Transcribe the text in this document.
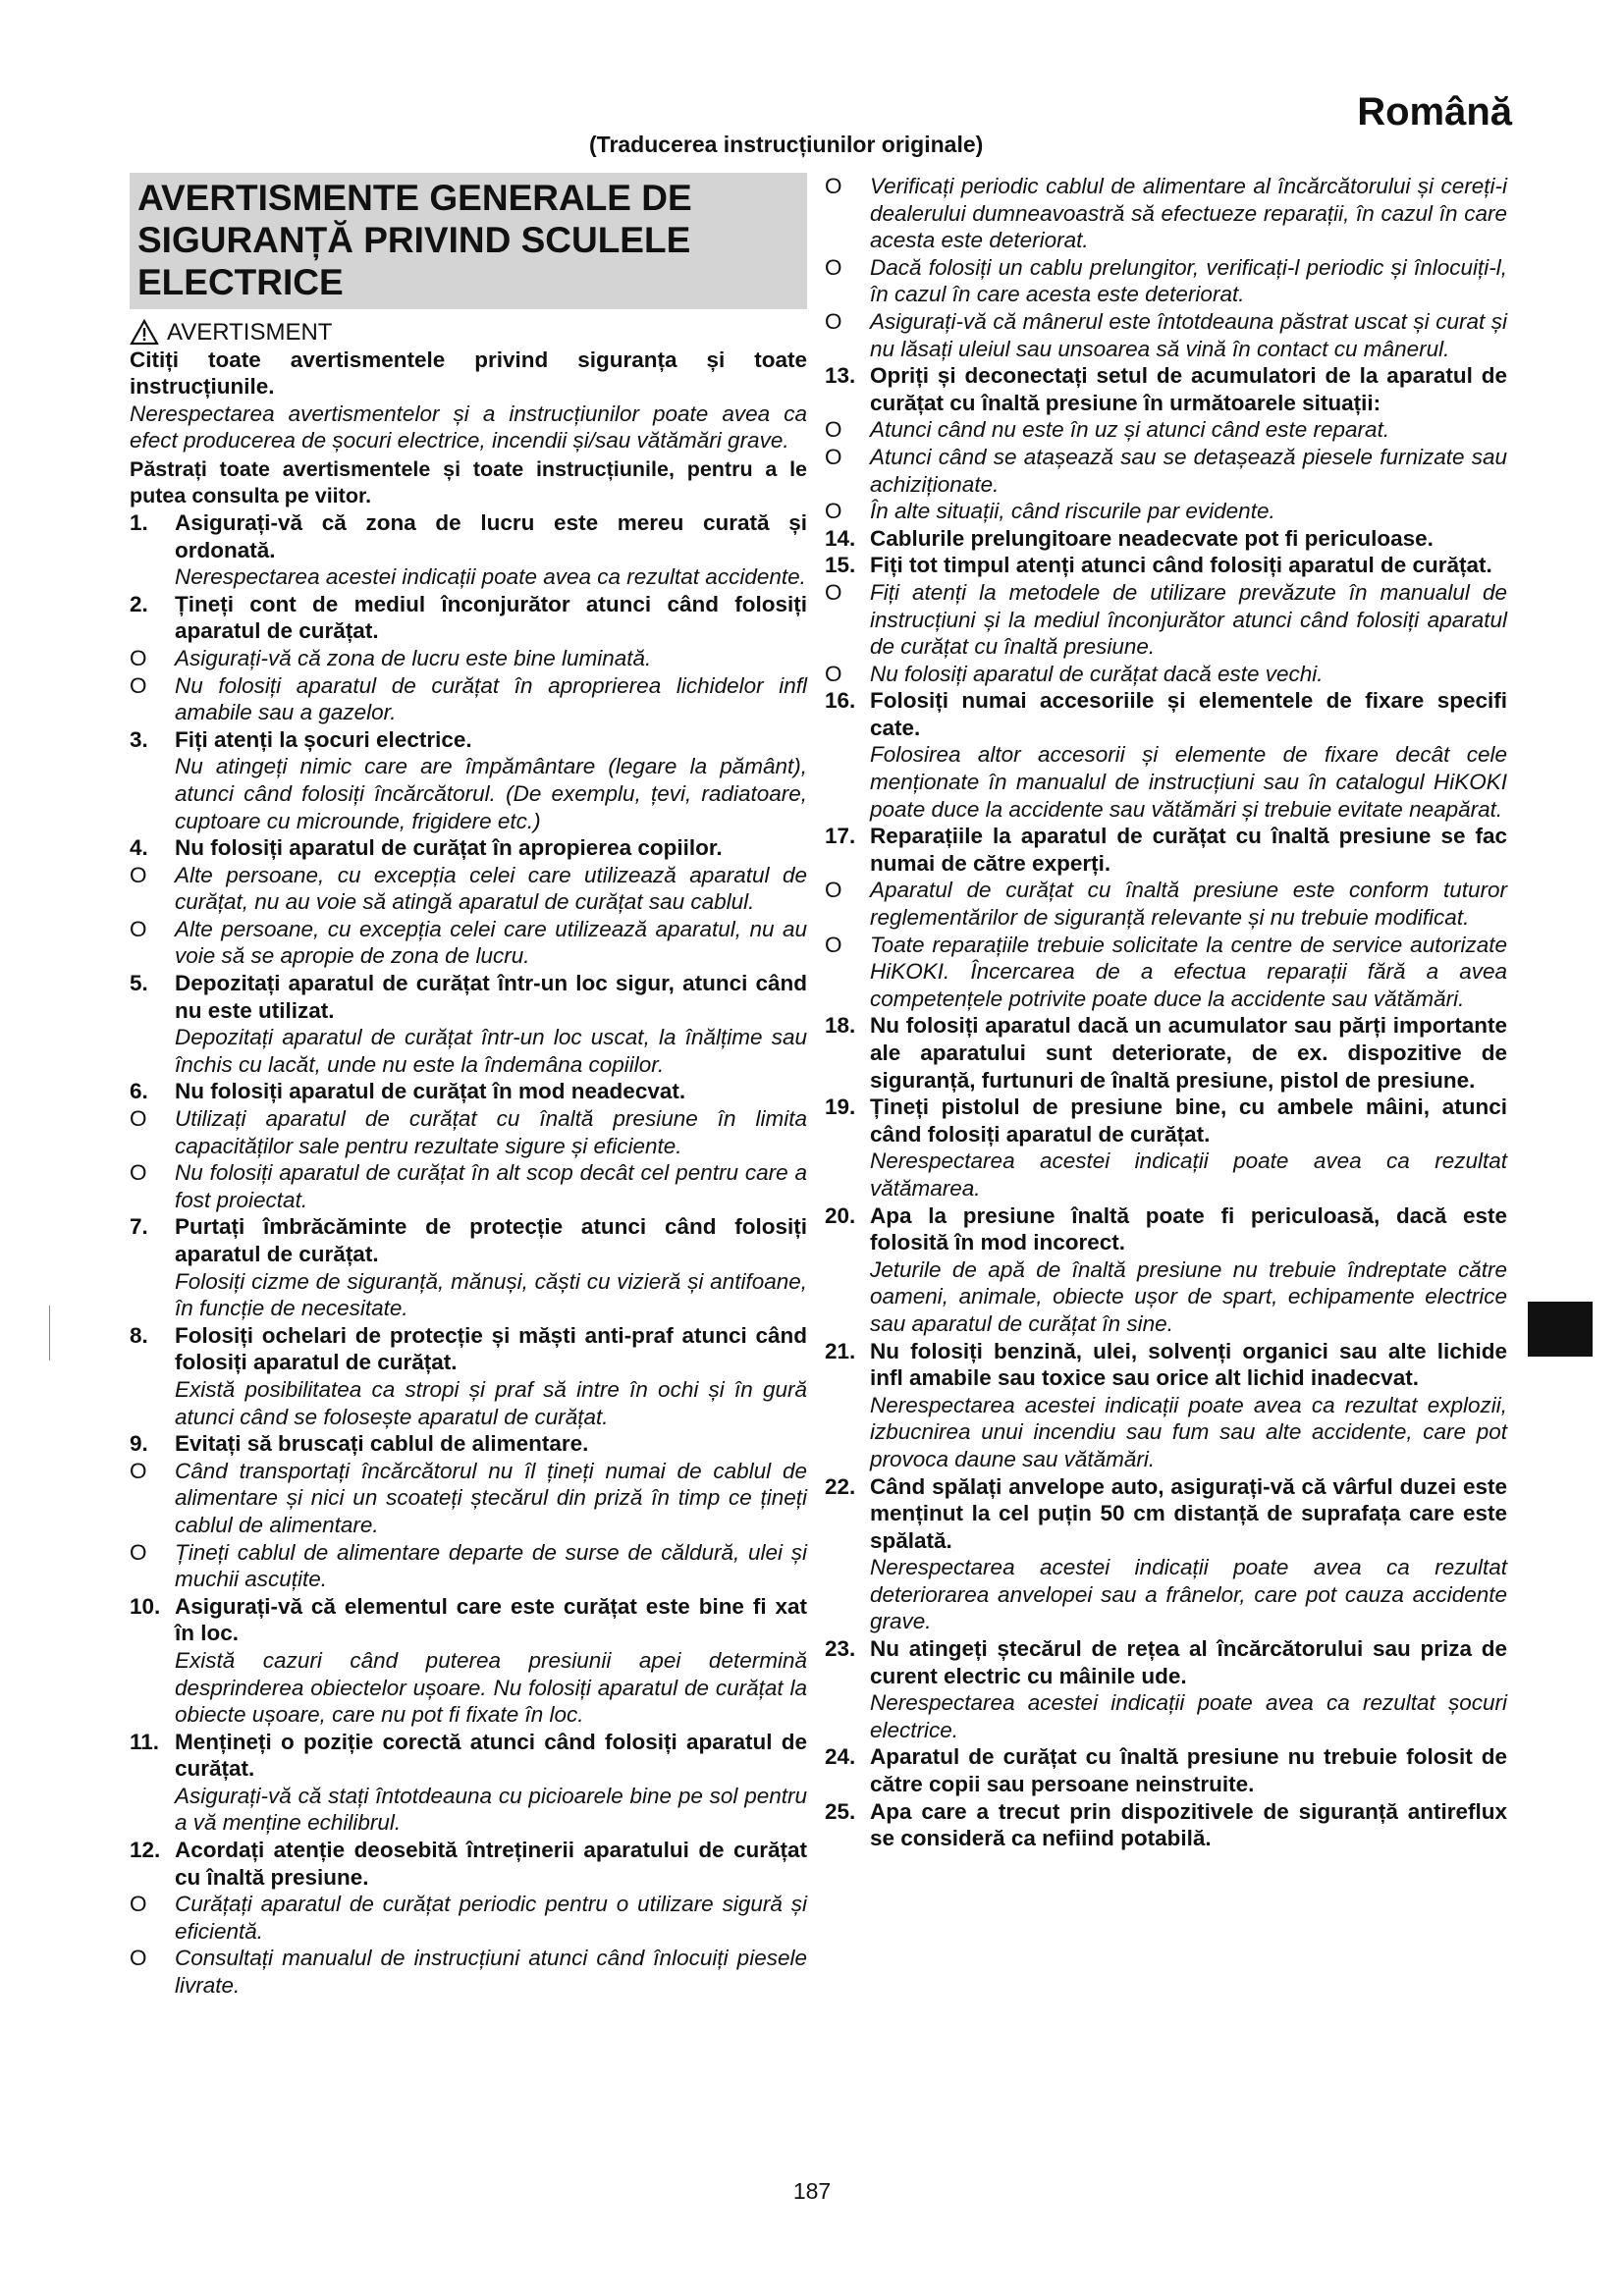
Română
(Traducerea instrucțiunilor originale)
AVERTISMENTE GENERALE DE SIGURANȚĂ PRIVIND SCULELE ELECTRICE
AVERTISMENT

Citiți toate avertismentele privind siguranța și toate instrucțiunile.

Nerespectarea avertismentelor și a instrucțiunilor poate avea ca efect producerea de șocuri electrice, incendii și/sau vătămări grave.

Păstrați toate avertismentele și toate instrucțiunile, pentru a le putea consulta pe viitor.

1.	Asigurați-vă că zona de lucru este mereu curată și ordonată.

Nerespectarea acestei indicații poate avea ca rezultat accidente.

2.	Țineți cont de mediul înconjurător atunci când folosiți aparatul de curățat.
O	Asigurați-vă că zona de lucru este bine luminată.
O	Nu folosiți aparatul de curățat în aproprierea lichidelor infl amabile sau a gazelor.
3.	Fiți atenți la șocuri electrice.

Nu atingeți nimic care are împământare (legare la pământ), atunci când folosiți încărcătorul. (De exemplu, țevi, radiatoare, cuptoare cu microunde, frigidere etc.)

4.	Nu folosiți aparatul de curățat în apropierea copiilor.
O	Alte persoane, cu excepția celei care utilizează aparatul de curățat, nu au voie să atingă aparatul de curățat sau cablul.
O	Alte persoane, cu excepția celei care utilizează aparatul, nu au voie să se apropie de zona de lucru.
5.	Depozitați aparatul de curățat într-un loc sigur, atunci când nu este utilizat.

Depozitați aparatul de curățat într-un loc uscat, la înălțime sau închis cu lacăt, unde nu este la îndemâna copiilor.

6.	Nu folosiți aparatul de curățat în mod neadecvat.
O	Utilizați aparatul de curățat cu înaltă presiune în limita capacităților sale pentru rezultate sigure și eficiente.
O	Nu folosiți aparatul de curățat în alt scop decât cel pentru care a fost proiectat.
7.	Purtați îmbrăcăminte de protecție atunci când folosiți aparatul de curățat.

Folosiți cizme de siguranță, mănuși, căști cu vizieră și antifoane, în funcție de necesitate.

8.	Folosiți ochelari de protecție și măști anti-praf atunci când folosiți aparatul de curățat.

Există posibilitatea ca stropi și praf să intre în ochi și în gură atunci când se folosește aparatul de curățat.

9.	Evitați să bruscați cablul de alimentare.
O	Când transportați încărcătorul nu îl țineți numai de cablul de alimentare și nici un scoateți ștecărul din priză în timp ce țineți cablul de alimentare.
O	Țineți cablul de alimentare departe de surse de căldură, ulei și muchii ascuțite.
10. Asigurați-vă că elementul care este curățat este bine fi xat în loc.

Există cazuri când puterea presiunii apei determină desprinderea obiectelor ușoare. Nu folosiți aparatul de curățat la obiecte ușoare, care nu pot fi fixate în loc.

11. Mențineți o poziție corectă atunci când folosiți aparatul de curățat.

Asigurați-vă că stați întotdeauna cu picioarele bine pe sol pentru a vă menține echilibrul.

12. Acordați atenție deosebită întreținerii aparatului de curățat cu înaltă presiune.
O	Curățați aparatul de curățat periodic pentru o utilizare sigură și eficientă.
O	Consultați manualul de instrucțiuni atunci când înlocuiți piesele livrate.
O	Verificați periodic cablul de alimentare al încărcătorului și cereți-i dealerului dumneavoastră să efectueze reparații, în cazul în care acesta este deteriorat.
O	Dacă folosiți un cablu prelungitor, verificați-l periodic și înlocuiți-l, în cazul în care acesta este deteriorat.
O	Asigurați-vă că mânerul este întotdeauna păstrat uscat și curat și nu lăsați uleiul sau unsoarea să vină în contact cu mânerul.
13. Opriți și deconectați setul de acumulatori de la aparatul de curățat cu înaltă presiune în următoarele situații:
O	Atunci când nu este în uz și atunci când este reparat.
O	Atunci când se atașează sau se detașează piesele furnizate sau achiziționate.
O	În alte situații, când riscurile par evidente.
14. Cablurile prelungitoare neadecvate pot fi periculoase.
15. Fiți tot timpul atenți atunci când folosiți aparatul de curățat.
O	Fiți atenți la metodele de utilizare prevăzute în manualul de instrucțiuni și la mediul înconjurător atunci când folosiți aparatul de curățat cu înaltă presiune.
O	Nu folosiți aparatul de curățat dacă este vechi.
16. Folosiți numai accesoriile și elementele de fixare specifi cate.

Folosirea altor accesorii și elemente de fixare decât cele menționate în manualul de instrucțiuni sau în catalogul HiKOKI poate duce la accidente sau vătămări și trebuie evitate neapărat.

17. Reparațiile la aparatul de curățat cu înaltă presiune se fac numai de către experți.
O	Aparatul de curățat cu înaltă presiune este conform tuturor reglementărilor de siguranță relevante și nu trebuie modificat.
O	Toate reparațiile trebuie solicitate la centre de service autorizate HiKOKI. Încercarea de a efectua reparații fără a avea competențele potrivite poate duce la accidente sau vătămări.
18. Nu folosiți aparatul dacă un acumulator sau părți importante ale aparatului sunt deteriorate, de ex. dispozitive de siguranță, furtunuri de înaltă presiune, pistol de presiune.
19. Țineți pistolul de presiune bine, cu ambele mâini, atunci când folosiți aparatul de curățat.

Nerespectarea acestei indicații poate avea ca rezultat vătămarea.

20. Apa la presiune înaltă poate fi periculoasă, dacă este folosită în mod incorect.

Jeturile de apă de înaltă presiune nu trebuie îndreptate către oameni, animale, obiecte ușor de spart, echipamente electrice sau aparatul de curățat în sine.

21. Nu folosiți benzină, ulei, solvenți organici sau alte lichide infl amabile sau toxice sau orice alt lichid inadecvat.

Nerespectarea acestei indicații poate avea ca rezultat explozii, izbucnirea unui incendiu sau fum sau alte accidente, care pot provoca daune sau vătămări.

22. Când spălați anvelope auto, asigurați-vă că vârful duzei este menținut la cel puțin 50 cm distanță de suprafața care este spălată.

Nerespectarea acestei indicații poate avea ca rezultat deteriorarea anvelopei sau a frânelor, care pot cauza accidente grave.

23. Nu atingeți ștecărul de rețea al încărcătorului sau priza de curent electric cu mâinile ude.

Nerespectarea acestei indicații poate avea ca rezultat șocuri electrice.

24. Aparatul de curățat cu înaltă presiune nu trebuie folosit de către copii sau persoane neinstruite.
25. Apa care a trecut prin dispozitivele de siguranță antireflux se consideră ca nefiind potabilă.
187
